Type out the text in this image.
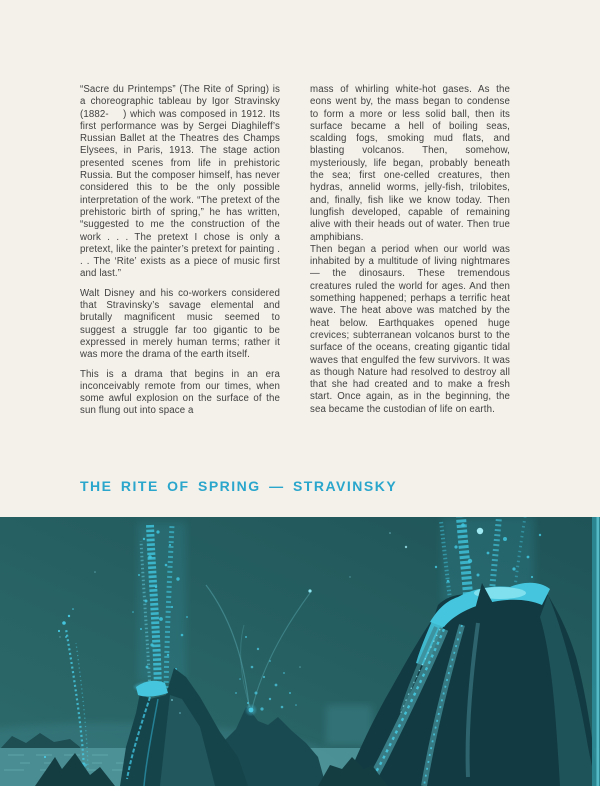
“Sacre du Printemps” (The Rite of Spring) is a choreographic tableau by Igor Stravinsky (1882-    ) which was composed in 1912. Its first performance was by Sergei Diaghileff’s Russian Ballet at the Theatres des Champs Elysees, in Paris, 1913. The stage action presented scenes from life in prehistoric Russia. But the composer himself, has never considered this to be the only possible interpretation of the work. “The pretext of the prehistoric birth of spring,” he has written, “suggested to me the construction of the work . . . The pretext I chose is only a pretext, like the painter’s pretext for painting . . . The ‘Rite’ exists as a piece of music first and last.”

Walt Disney and his co-workers considered that Stravinsky’s savage elemental and brutally magnificent music seemed to suggest a struggle far too gigantic to be expressed in merely human terms; rather it was more the drama of the earth itself.

This is a drama that begins in an era inconceivably remote from our times, when some awful explosion on the surface of the sun flung out into space a

mass of whirling white-hot gases. As the eons went by, the mass began to condense to form a more or less solid ball, then its surface became a hell of boiling seas, scalding fogs, smoking mud flats, and blasting volcanos. Then, somehow, mysteriously, life began, probably beneath the sea; first one-celled creatures, then hydras, annelid worms, jelly-fish, trilobites, and, finally, fish like we know today. Then lungfish developed, capable of remaining alive with their heads out of water. Then true amphibians.

Then began a period when our world was inhabited by a multitude of living nightmares — the dinosaurs. These tremendous creatures ruled the world for ages. And then something happened; perhaps a terrific heat wave. The heat above was matched by the heat below. Earthquakes opened huge crevices; subterranean volcanos burst to the surface of the oceans, creating gigantic tidal waves that engulfed the few survivors. It was as though Nature had resolved to destroy all that she had created and to make a fresh start. Once again, as in the beginning, the sea became the custodian of life on earth.

THE RITE OF SPRING — STRAVINSKY
